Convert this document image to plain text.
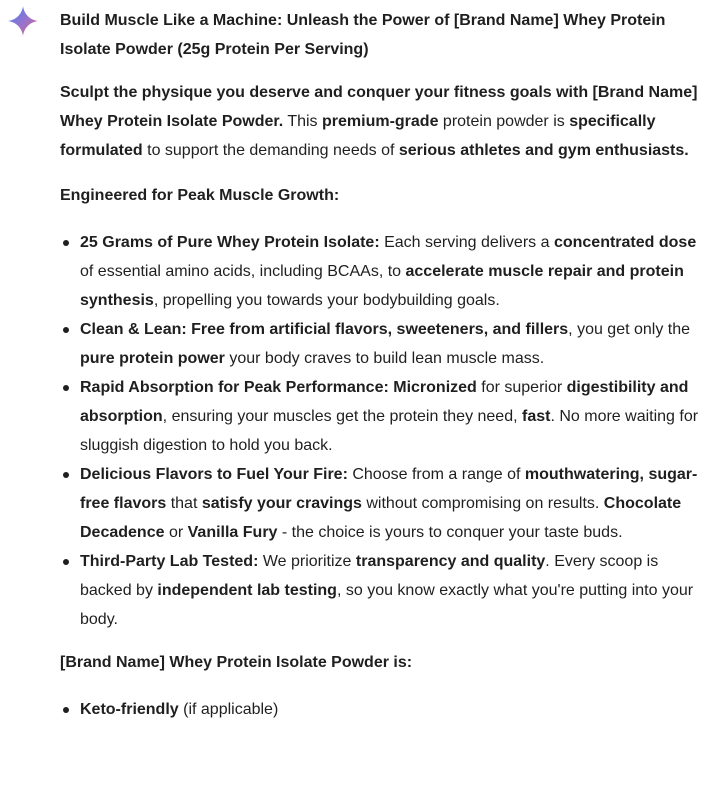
Build Muscle Like a Machine: Unleash the Power of [Brand Name] Whey Protein Isolate Powder (25g Protein Per Serving)

Sculpt the physique you deserve and conquer your fitness goals with [Brand Name] Whey Protein Isolate Powder. This premium-grade protein powder is specifically formulated to support the demanding needs of serious athletes and gym enthusiasts.

Engineered for Peak Muscle Growth:

25 Grams of Pure Whey Protein Isolate: Each serving delivers a concentrated dose of essential amino acids, including BCAAs, to accelerate muscle repair and protein synthesis, propelling you towards your bodybuilding goals.
Clean & Lean: Free from artificial flavors, sweeteners, and fillers, you get only the pure protein power your body craves to build lean muscle mass.
Rapid Absorption for Peak Performance: Micronized for superior digestibility and absorption, ensuring your muscles get the protein they need, fast. No more waiting for sluggish digestion to hold you back.
Delicious Flavors to Fuel Your Fire: Choose from a range of mouthwatering, sugar-free flavors that satisfy your cravings without compromising on results. Chocolate Decadence or Vanilla Fury - the choice is yours to conquer your taste buds.
Third-Party Lab Tested: We prioritize transparency and quality. Every scoop is backed by independent lab testing, so you know exactly what you're putting into your body.

[Brand Name] Whey Protein Isolate Powder is:

Keto-friendly (if applicable)
